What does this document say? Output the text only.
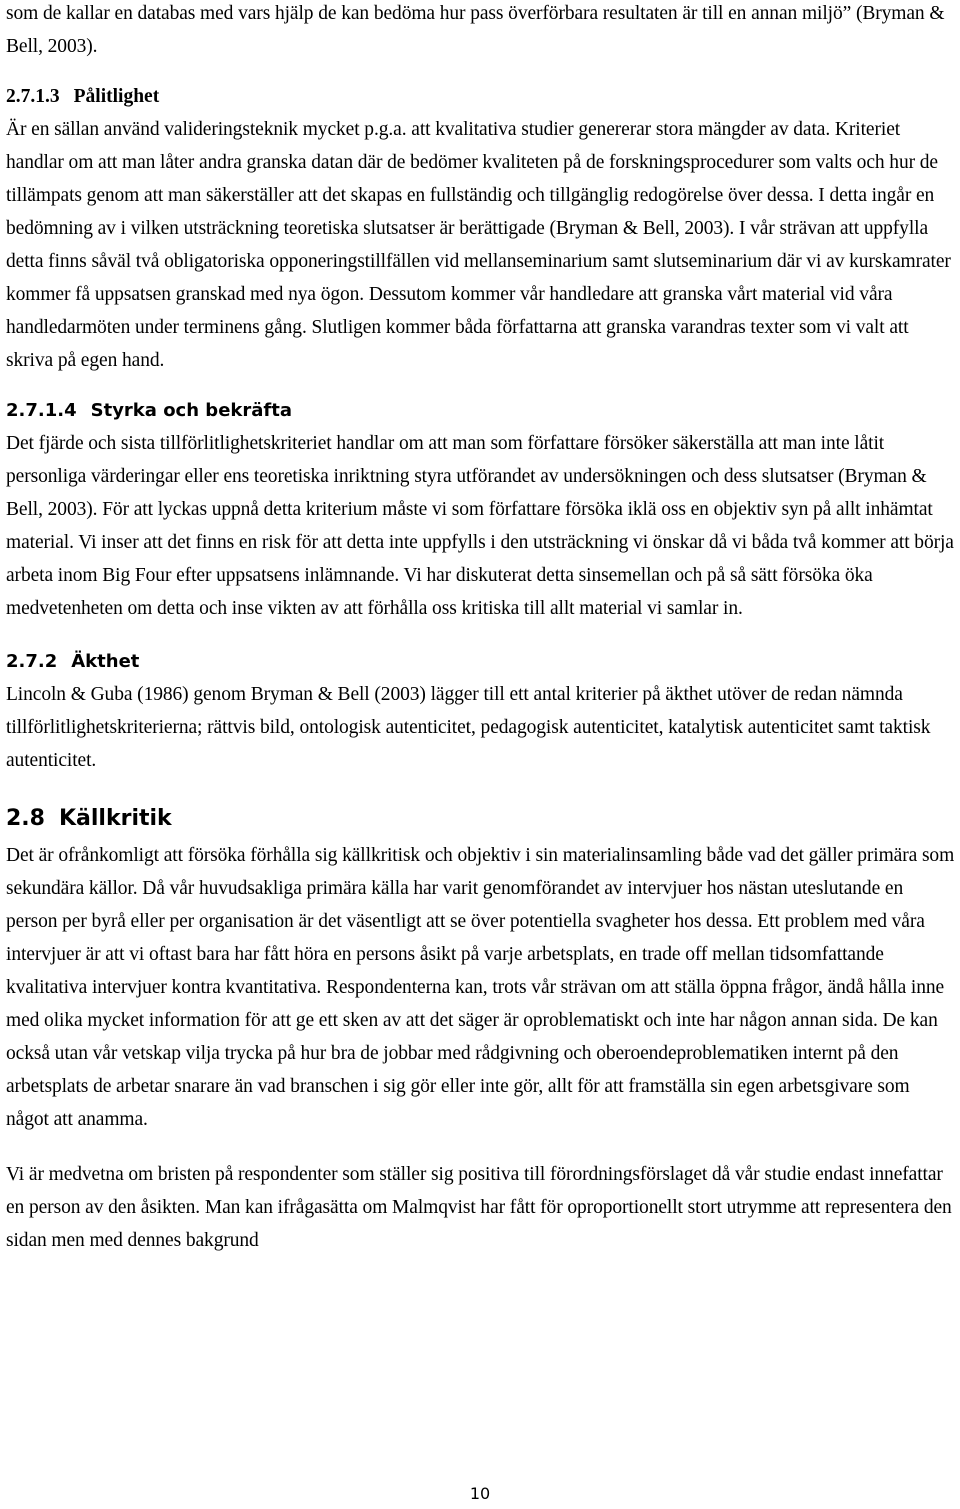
som de kallar en databas med vars hjälp de kan bedöma hur pass överförbara resultaten är till en annan miljö” (Bryman & Bell, 2003).

2.7.1.3 Pålitlighet

Är en sällan använd valideringsteknik mycket p.g.a. att kvalitativa studier genererar stora mängder av data. Kriteriet handlar om att man låter andra granska datan där de bedömer kvaliteten på de forskningsprocedurer som valts och hur de tillämpats genom att man säkerställer att det skapas en fullständig och tillgänglig redogörelse över dessa. I detta ingår en bedömning av i vilken utsträckning teoretiska slutsatser är berättigade (Bryman & Bell, 2003). I vår strävan att uppfylla detta finns såväl två obligatoriska opponeringstillfällen vid mellanseminarium samt slutseminarium där vi av kurskamrater kommer få uppsatsen granskad med nya ögon. Dessutom kommer vår handledare att granska vårt material vid våra handledarmöten under terminens gång. Slutligen kommer båda författarna att granska varandras texter som vi valt att skriva på egen hand.

2.7.1.4 Styrka och bekräfta

Det fjärde och sista tillförlitlighetskriteriet handlar om att man som författare försöker säkerställa att man inte låtit personliga värderingar eller ens teoretiska inriktning styra utförandet av undersökningen och dess slutsatser (Bryman & Bell, 2003). För att lyckas uppnå detta kriterium måste vi som författare försöka iklä oss en objektiv syn på allt inhämtat material. Vi inser att det finns en risk för att detta inte uppfylls i den utsträckning vi önskar då vi båda två kommer att börja arbeta inom Big Four efter uppsatsens inlämnande. Vi har diskuterat detta sinsemellan och på så sätt försöka öka medvetenheten om detta och inse vikten av att förhålla oss kritiska till allt material vi samlar in.

2.7.2 Äkthet

Lincoln & Guba (1986) genom Bryman & Bell (2003) lägger till ett antal kriterier på äkthet utöver de redan nämnda tillförlitlighetskriterierna; rättvis bild, ontologisk autenticitet, pedagogisk autenticitet, katalytisk autenticitet samt taktisk autenticitet.

2.8 Källkritik

Det är ofrånkomligt att försöka förhålla sig källkritisk och objektiv i sin materialinsamling både vad det gäller primära som sekundära källor. Då vår huvudsakliga primära källa har varit genomförandet av intervjuer hos nästan uteslutande en person per byrå eller per organisation är det väsentligt att se över potentiella svagheter hos dessa. Ett problem med våra intervjuer är att vi oftast bara har fått höra en persons åsikt på varje arbetsplats, en trade off mellan tidsomfattande kvalitativa intervjuer kontra kvantitativa. Respondenterna kan, trots vår strävan om att ställa öppna frågor, ändå hålla inne med olika mycket information för att ge ett sken av att det säger är oproblematiskt och inte har någon annan sida. De kan också utan vår vetskap vilja trycka på hur bra de jobbar med rådgivning och oberoendeproblematiken internt på den arbetsplats de arbetar snarare än vad branschen i sig gör eller inte gör, allt för att framställa sin egen arbetsgivare som något att anamma.

Vi är medvetna om bristen på respondenter som ställer sig positiva till förordningsförslaget då vår studie endast innefattar en person av den åsikten. Man kan ifrågasätta om Malmqvist har fått för oproportionellt stort utrymme att representera den sidan men med dennes bakgrund

10
